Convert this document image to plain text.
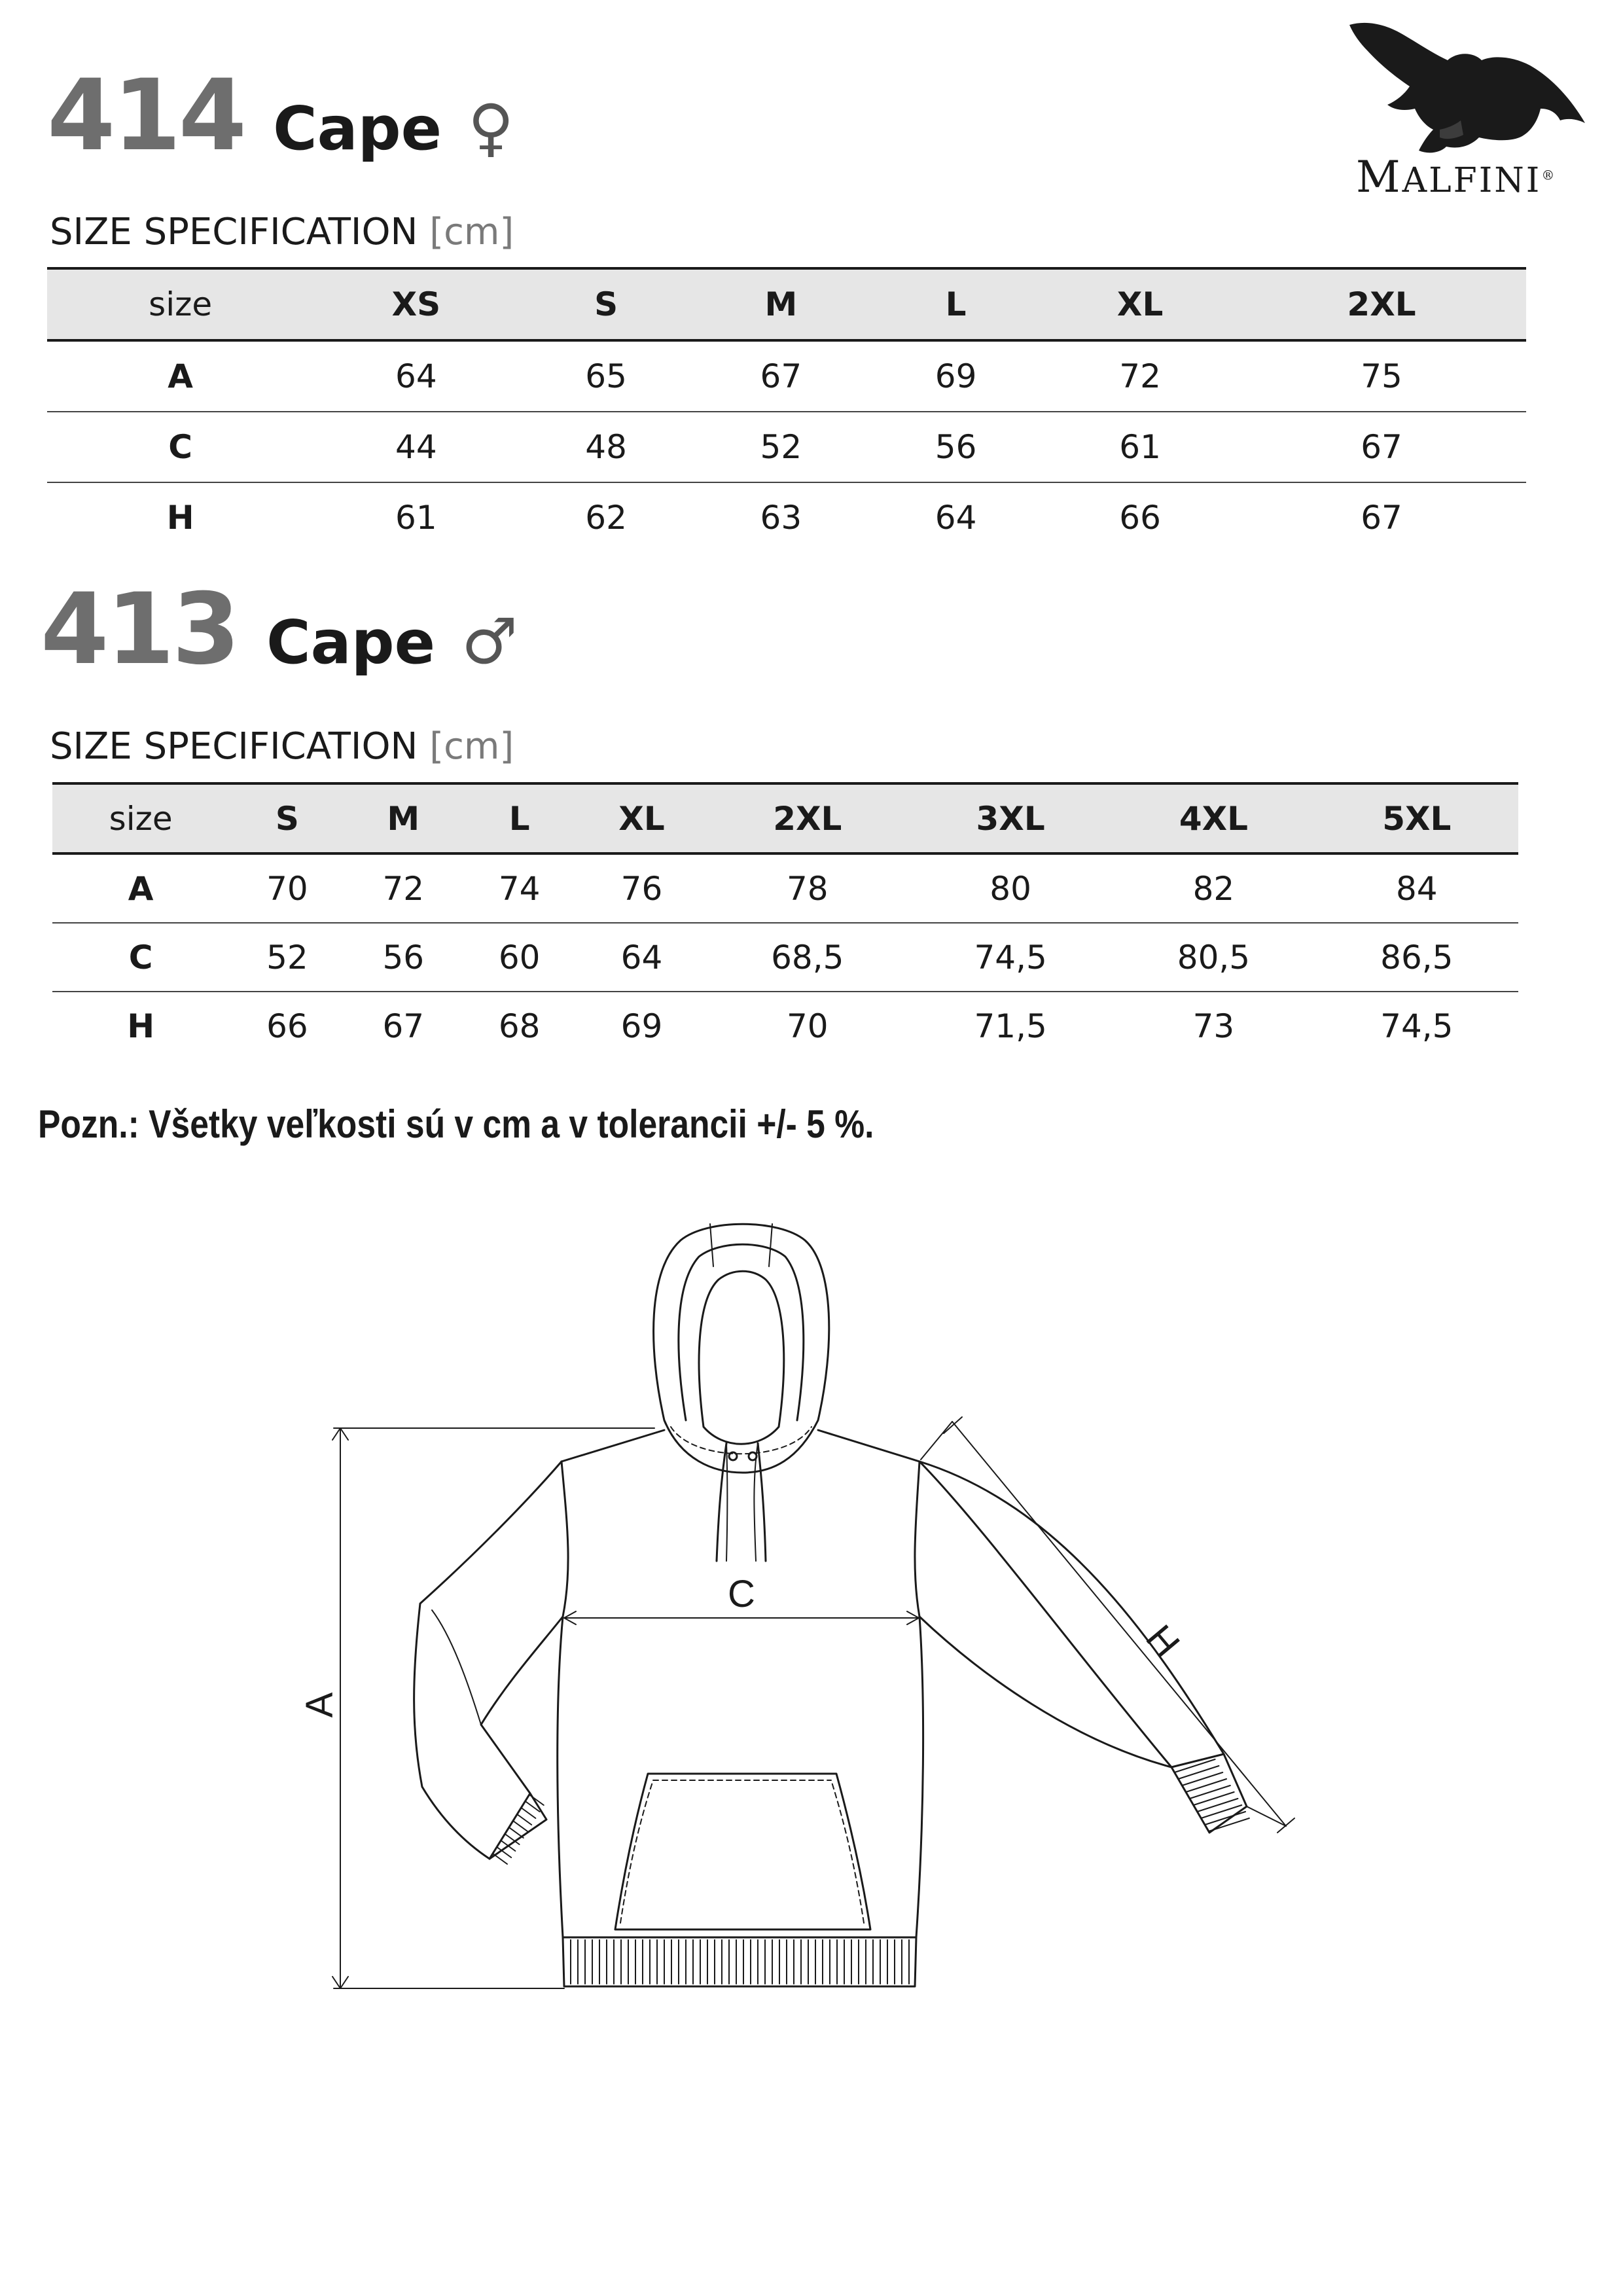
MALFINI®
414 Cape ♀
SIZE SPECIFICATION [cm]
size	XS	S	M	L	XL	2XL
A	64	65	67	69	72	75
C	44	48	52	56	61	67
H	61	62	63	64	66	67
413 Cape ♂
SIZE SPECIFICATION [cm]
size	S	M	L	XL	2XL	3XL	4XL	5XL
A	70	72	74	76	78	80	82	84
C	52	56	60	64	68,5	74,5	80,5	86,5
H	66	67	68	69	70	71,5	73	74,5
Pozn.: Všetky veľkosti sú v cm a v tolerancii +/- 5 %.
A
C
H
